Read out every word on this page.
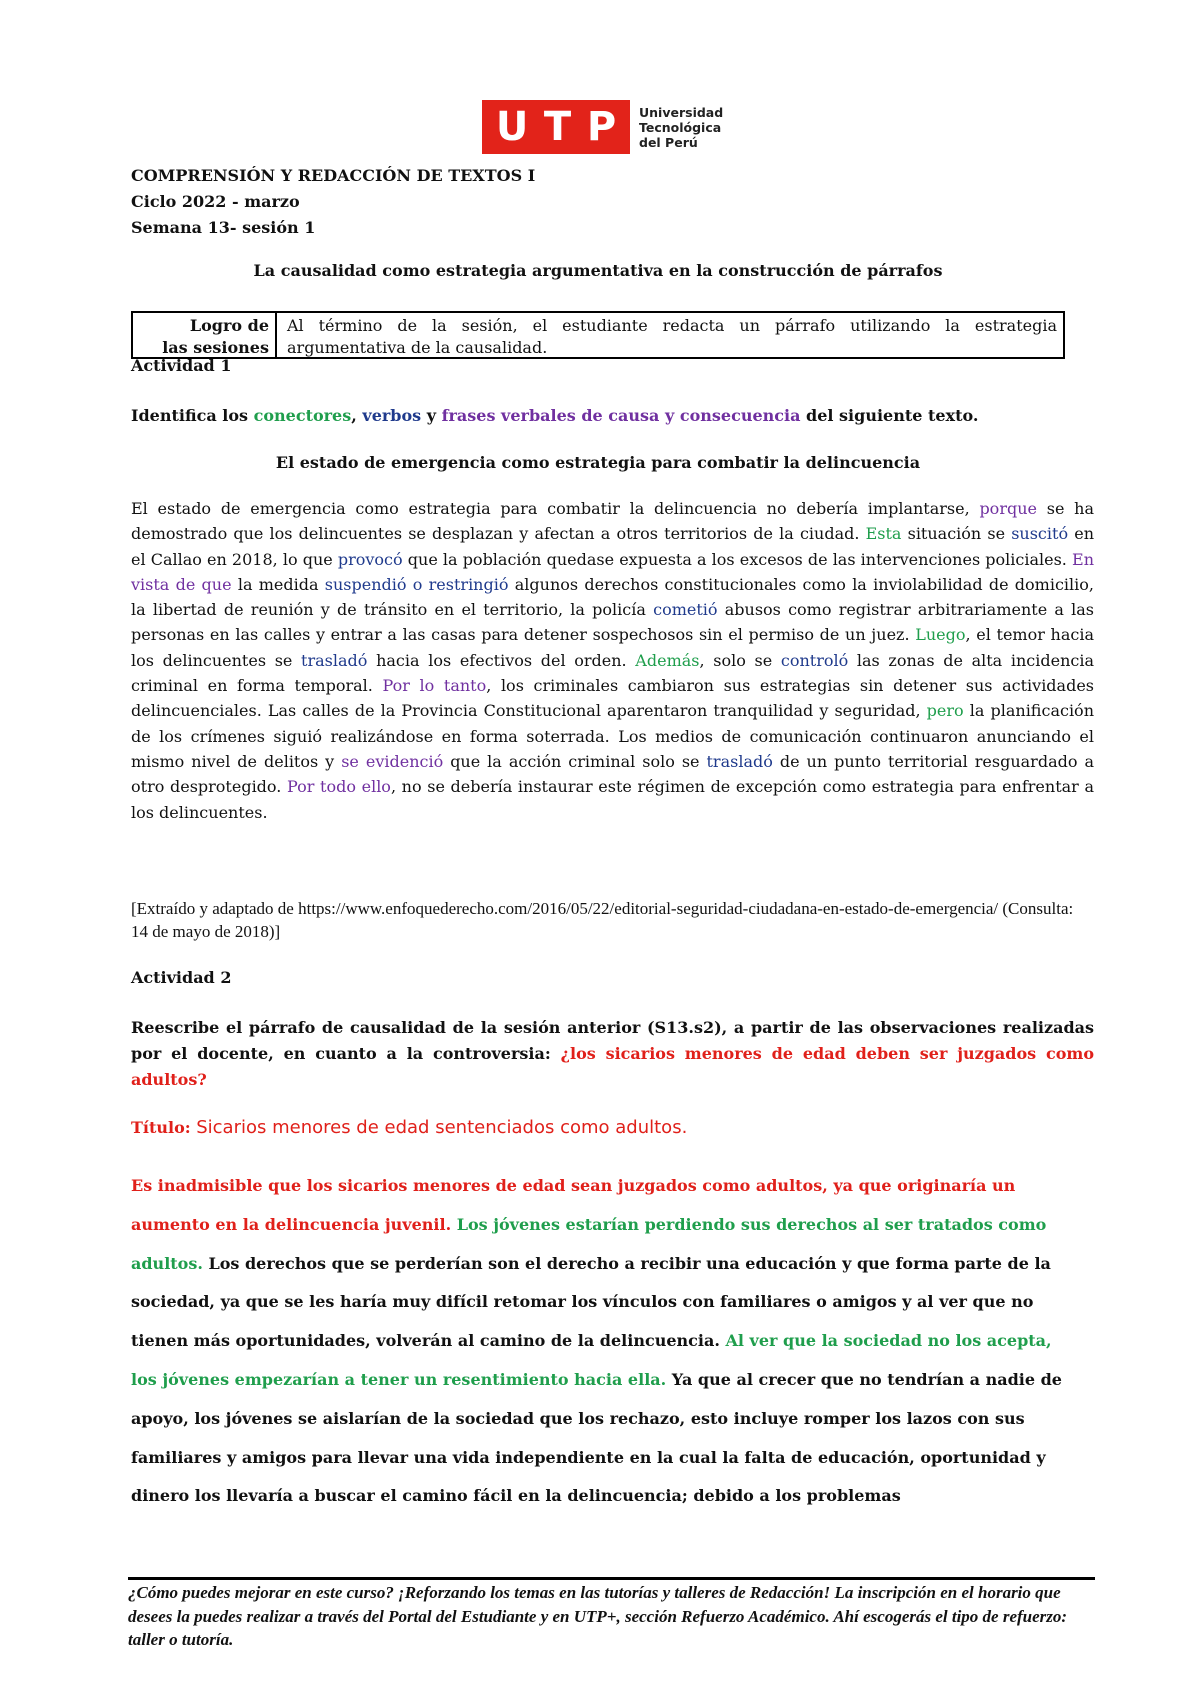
U T P Universidad
Tecnológica
del Perú
COMPRENSIÓN Y REDACCIÓN DE TEXTOS I
Ciclo 2022 - marzo
Semana 13- sesión 1
La causalidad como estrategia argumentativa en la construcción de párrafos
Logro de
las sesiones
Al término de la sesión, el estudiante redacta un párrafo utilizando la estrategia argumentativa de la causalidad.
Actividad 1
Identifica los conectores, verbos y frases verbales de causa y consecuencia del siguiente texto.
El estado de emergencia como estrategia para combatir la delincuencia
El estado de emergencia como estrategia para combatir la delincuencia no debería implantarse, porque se ha demostrado que los delincuentes se desplazan y afectan a otros territorios de la ciudad. Esta situación se suscitó en el Callao en 2018, lo que provocó que la población quedase expuesta a los excesos de las intervenciones policiales. En vista de que la medida suspendió o restringió algunos derechos constitucionales como la inviolabilidad de domicilio, la libertad de reunión y de tránsito en el territorio, la policía cometió abusos como registrar arbitrariamente a las personas en las calles y entrar a las casas para detener sospechosos sin el permiso de un juez. Luego, el temor hacia los delincuentes se trasladó hacia los efectivos del orden. Además, solo se controló las zonas de alta incidencia criminal en forma temporal. Por lo tanto, los criminales cambiaron sus estrategias sin detener sus actividades delincuenciales. Las calles de la Provincia Constitucional aparentaron tranquilidad y seguridad, pero la planificación de los crímenes siguió realizándose en forma soterrada. Los medios de comunicación continuaron anunciando el mismo nivel de delitos y se evidenció que la acción criminal solo se trasladó de un punto territorial resguardado a otro desprotegido. Por todo ello, no se debería instaurar este régimen de excepción como estrategia para enfrentar a los delincuentes.
[Extraído y adaptado de https://www.enfoquederecho.com/2016/05/22/editorial-seguridad-ciudadana-en-estado-de-emergencia/ (Consulta: 14 de mayo de 2018)]
Actividad 2
Reescribe el párrafo de causalidad de la sesión anterior (S13.s2), a partir de las observaciones realizadas por el docente, en cuanto a la controversia: ¿los sicarios menores de edad deben ser juzgados como adultos?
Título: Sicarios menores de edad sentenciados como adultos.
Es inadmisible que los sicarios menores de edad sean juzgados como adultos, ya que originaría un aumento en la delincuencia juvenil. Los jóvenes estarían perdiendo sus derechos al ser tratados como adultos. Los derechos que se perderían son el derecho a recibir una educación y que forma parte de la sociedad, ya que se les haría muy difícil retomar los vínculos con familiares o amigos y al ver que no tienen más oportunidades, volverán al camino de la delincuencia. Al ver que la sociedad no los acepta, los jóvenes empezarían a tener un resentimiento hacia ella. Ya que al crecer que no tendrían a nadie de apoyo, los jóvenes se aislarían de la sociedad que los rechazo, esto incluye romper los lazos con sus familiares y amigos para llevar una vida independiente en la cual la falta de educación, oportunidad y dinero los llevaría a buscar el camino fácil en la delincuencia; debido a los problemas
¿Cómo puedes mejorar en este curso? ¡Reforzando los temas en las tutorías y talleres de Redacción! La inscripción en el horario que desees la puedes realizar a través del Portal del Estudiante y en UTP+, sección Refuerzo Académico. Ahí escogerás el tipo de refuerzo: taller o tutoría.
